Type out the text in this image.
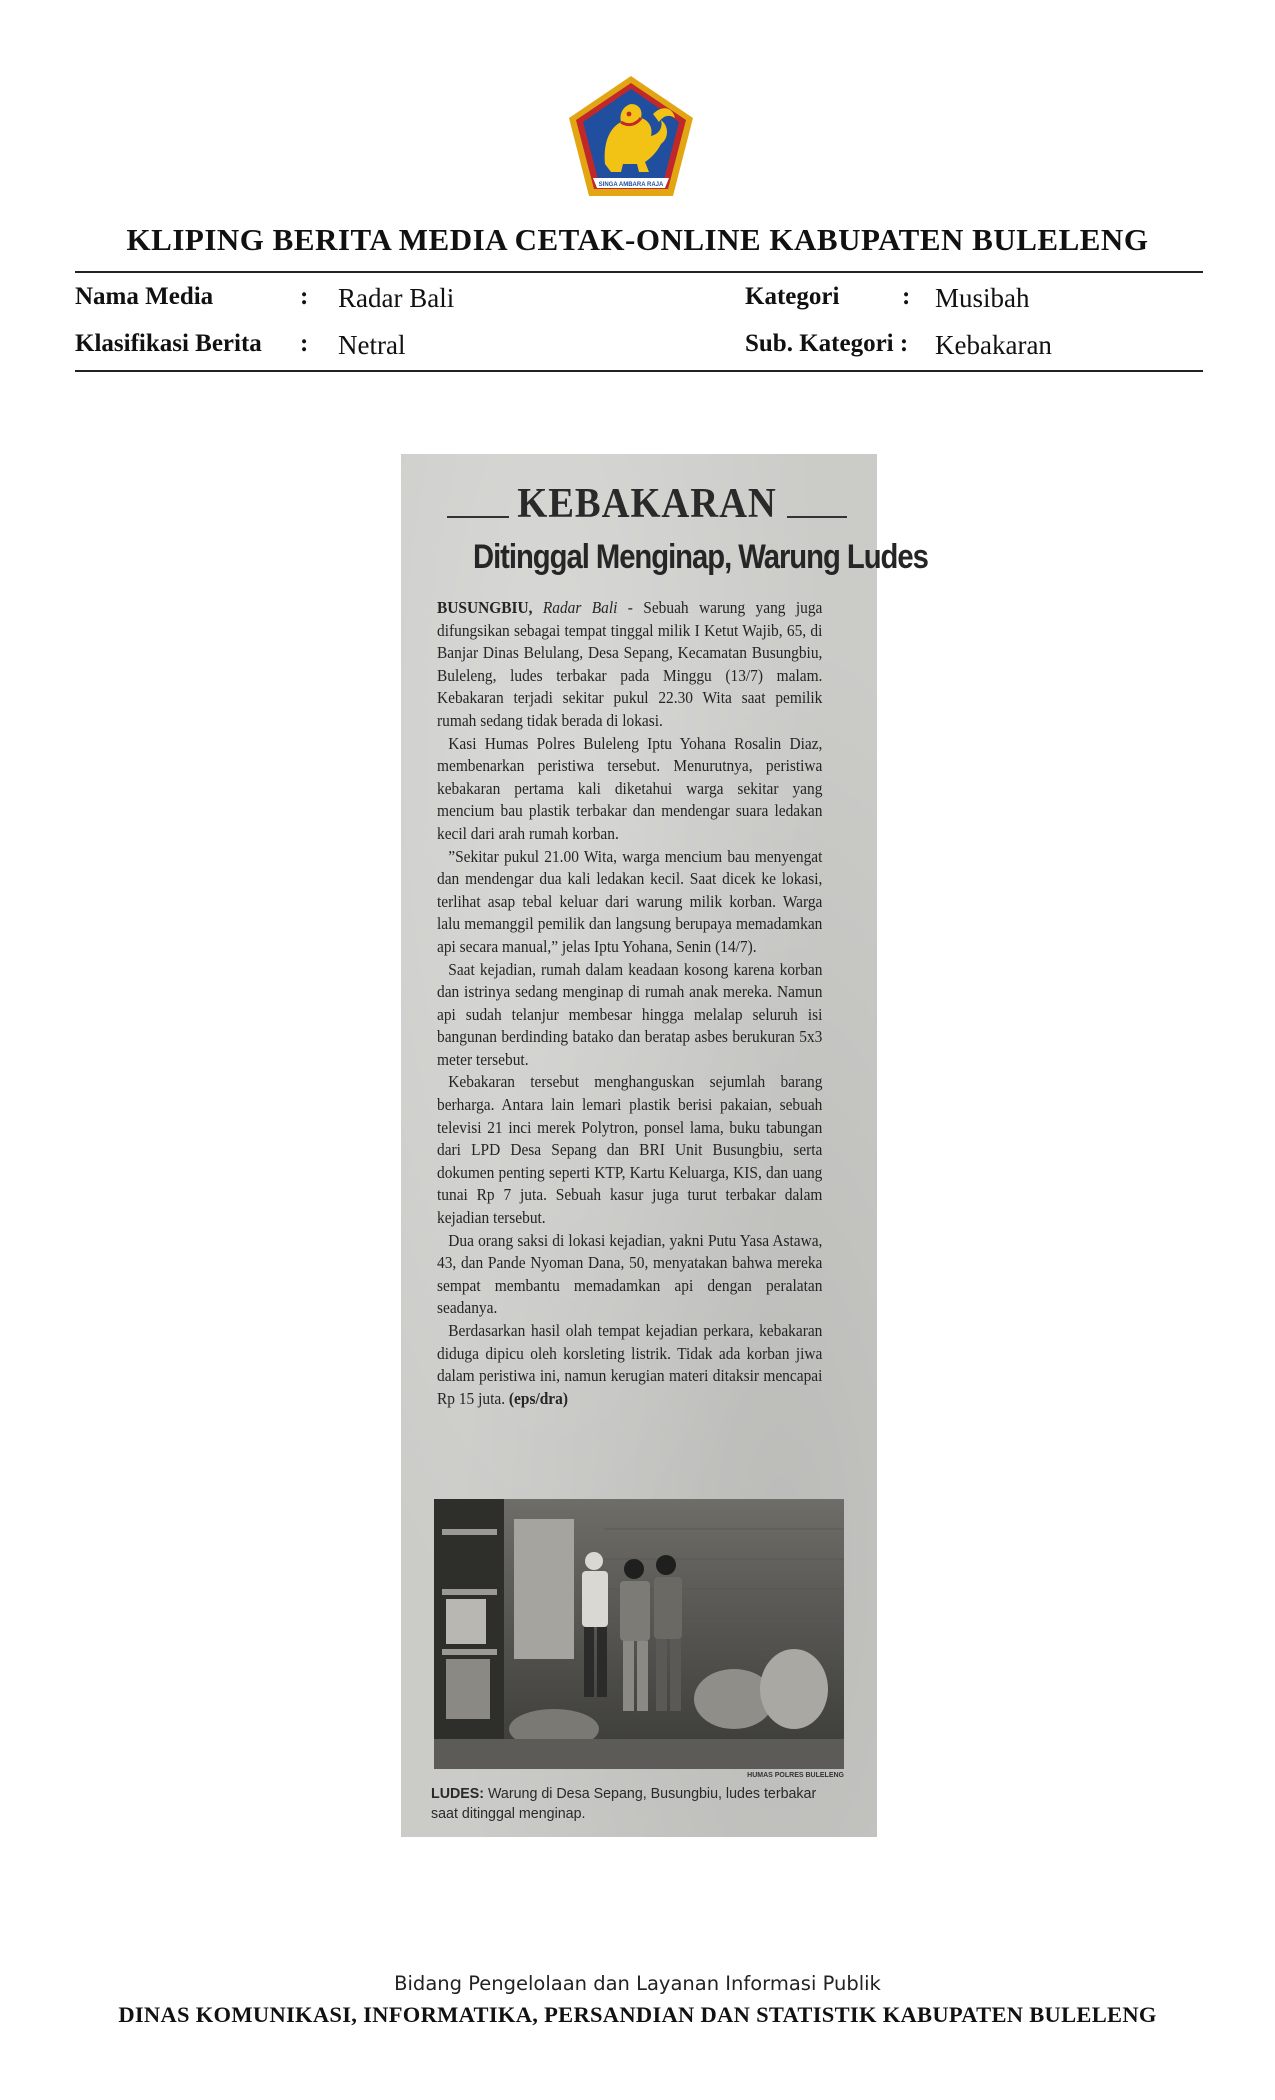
SINGA AMBARA RAJA
KLIPING BERITA MEDIA CETAK-ONLINE KABUPATEN BULELENG
Nama Media	: Radar Bali	Kategori	: Musibah
Klasifikasi Berita : Netral	Sub. Kategori : Kebakaran
KEBAKARAN
Ditinggal Menginap, Warung Ludes

BUSUNGBIU, Radar Bali - Sebuah warung yang juga difungsikan sebagai tempat tinggal milik I Ketut Wajib, 65, di Banjar Dinas Belulang, Desa Sepang, Kecamatan Busungbiu, Buleleng, ludes terbakar pada Minggu (13/7) malam. Kebakaran terjadi sekitar pukul 22.30 Wita saat pemilik rumah sedang tidak berada di lokasi.

Kasi Humas Polres Buleleng Iptu Yohana Rosalin Diaz, membenarkan peristiwa tersebut. Menurutnya, peristiwa kebakaran pertama kali diketahui warga sekitar yang mencium bau plastik terbakar dan mendengar suara ledakan kecil dari arah rumah korban.

”Sekitar pukul 21.00 Wita, warga mencium bau menyengat dan mendengar dua kali ledakan kecil. Saat dicek ke lokasi, terlihat asap tebal keluar dari warung milik korban. Warga lalu memanggil pemilik dan langsung berupaya memadamkan api secara manual,” jelas Iptu Yohana, Senin (14/7).

Saat kejadian, rumah dalam keadaan kosong karena korban dan istrinya sedang menginap di rumah anak mereka. Namun api sudah telanjur membesar hingga melalap seluruh isi bangunan berdinding batako dan beratap asbes berukuran 5x3 meter tersebut.

Kebakaran tersebut menghanguskan sejumlah barang berharga. Antara lain lemari plastik berisi pakaian, sebuah televisi 21 inci merek Polytron, ponsel lama, buku tabungan dari LPD Desa Sepang dan BRI Unit Busungbiu, serta dokumen penting seperti KTP, Kartu Keluarga, KIS, dan uang tunai Rp 7 juta. Sebuah kasur juga turut terbakar dalam kejadian tersebut.

Dua orang saksi di lokasi kejadian, yakni Putu Yasa Astawa, 43, dan Pande Nyoman Dana, 50, menyatakan bahwa mereka sempat membantu memadamkan api dengan peralatan seadanya.

Berdasarkan hasil olah tempat kejadian perkara, kebakaran diduga dipicu oleh korsleting listrik. Tidak ada korban jiwa dalam peristiwa ini, namun kerugian materi ditaksir mencapai Rp 15 juta. (eps/dra)

HUMAS POLRES BULELENG
LUDES: Warung di Desa Sepang, Busungbiu, ludes terbakar saat ditinggal menginap.
Bidang Pengelolaan dan Layanan Informasi Publik
DINAS KOMUNIKASI, INFORMATIKA, PERSANDIAN DAN STATISTIK KABUPATEN BULELENG
